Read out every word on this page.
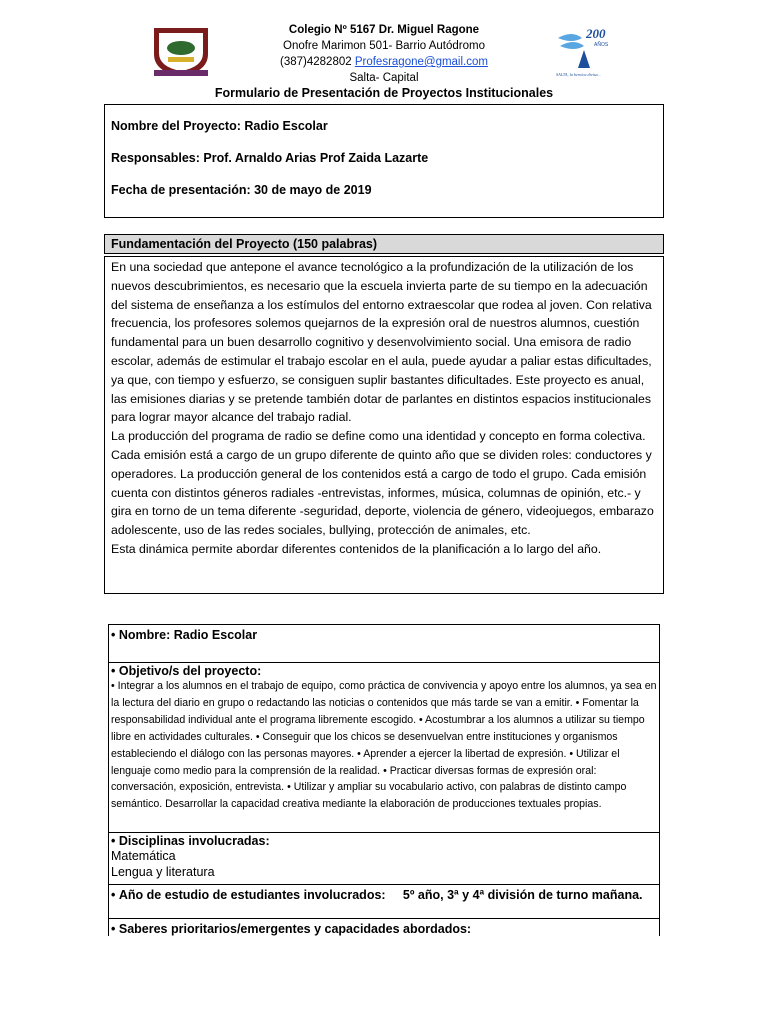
200
AÑOS
SALTA, la heroica divisa...
Colegio Nº 5167 Dr. Miguel Ragone
Onofre Marimon 501- Barrio Autódromo
(387)4282802 Profesragone@gmail.com
Salta- Capital
Formulario de Presentación de Proyectos Institucionales
Nombre del Proyecto: Radio Escolar
Responsables: Prof. Arnaldo Arias Prof Zaida Lazarte
Fecha de presentación: 30 de mayo de 2019
Fundamentación del Proyecto (150 palabras)

En una sociedad que antepone el avance tecnológico a la profundización de la utilización de los nuevos descubrimientos, es necesario que la escuela invierta parte de su tiempo en la adecuación del sistema de enseñanza a los estímulos del entorno extraescolar que rodea al joven. Con relativa frecuencia, los profesores solemos quejarnos de la expresión oral de nuestros alumnos, cuestión fundamental para un buen desarrollo cognitivo y desenvolvimiento social. Una emisora de radio escolar, además de estimular el trabajo escolar en el aula, puede ayudar a paliar estas dificultades, ya que, con tiempo y esfuerzo, se consiguen suplir bastantes dificultades. Este proyecto es anual, las emisiones diarias y se pretende también dotar de parlantes en distintos espacios institucionales para lograr mayor alcance del trabajo radial.

La producción del programa de radio se define como una identidad y concepto en forma colectiva. Cada emisión está a cargo de un grupo diferente de quinto año que se dividen roles: conductores y operadores. La producción general de los contenidos está a cargo de todo el grupo. Cada emisión cuenta con distintos géneros radiales -entrevistas, informes, música, columnas de opinión, etc.- y gira en torno de un tema diferente -seguridad, deporte, violencia de género, videojuegos, embarazo adolescente, uso de las redes sociales, bullying, protección de animales, etc.

Esta dinámica permite abordar diferentes contenidos de la planificación a lo largo del año.

• Nombre: Radio Escolar
• Objetivo/s del proyecto:
• Integrar a los alumnos en el trabajo de equipo, como práctica de convivencia y apoyo entre los alumnos, ya sea en la lectura del diario en grupo o redactando las noticias o contenidos que más tarde se van a emitir. • Fomentar la responsabilidad individual ante el programa libremente escogido. • Acostumbrar a los alumnos a utilizar su tiempo libre en actividades culturales. • Conseguir que los chicos se desenvuelvan entre instituciones y organismos estableciendo el diálogo con las personas mayores. • Aprender a ejercer la libertad de expresión. • Utilizar el lenguaje como medio para la comprensión de la realidad. • Practicar diversas formas de expresión oral: conversación, exposición, entrevista. • Utilizar y ampliar su vocabulario activo, con palabras de distinto campo semántico. Desarrollar la capacidad creativa mediante la elaboración de producciones textuales propias.
• Disciplinas involucradas:
Matemática
Lengua y literatura
• Año de estudio de estudiantes involucrados:     5º año, 3ª y 4ª división de turno mañana.
• Saberes prioritarios/emergentes y capacidades abordados:
